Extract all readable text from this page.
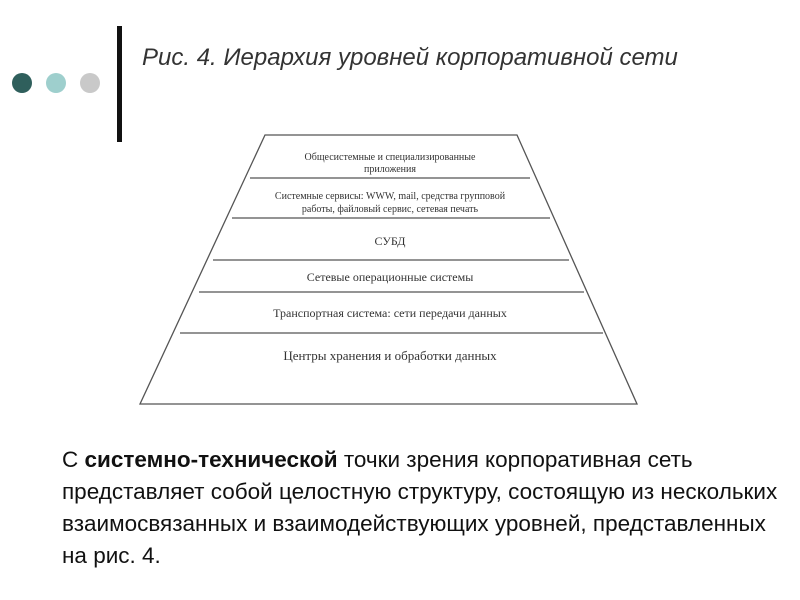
Рис. 4. Иерархия уровней корпоративной сети
Общесистемные и специализированные
приложения
Системные сервисы: WWW, mail, средства групповой
работы, файловый сервис, сетевая печать
СУБД
Сетевые операционные системы
Транспортная система: сети передачи данных
Центры хранения и обработки данных
С системно-технической точки зрения корпоративная сеть представляет собой целостную структуру, состоящую из нескольких взаимосвязанных и взаимодействующих уровней, представленных на рис. 4.
